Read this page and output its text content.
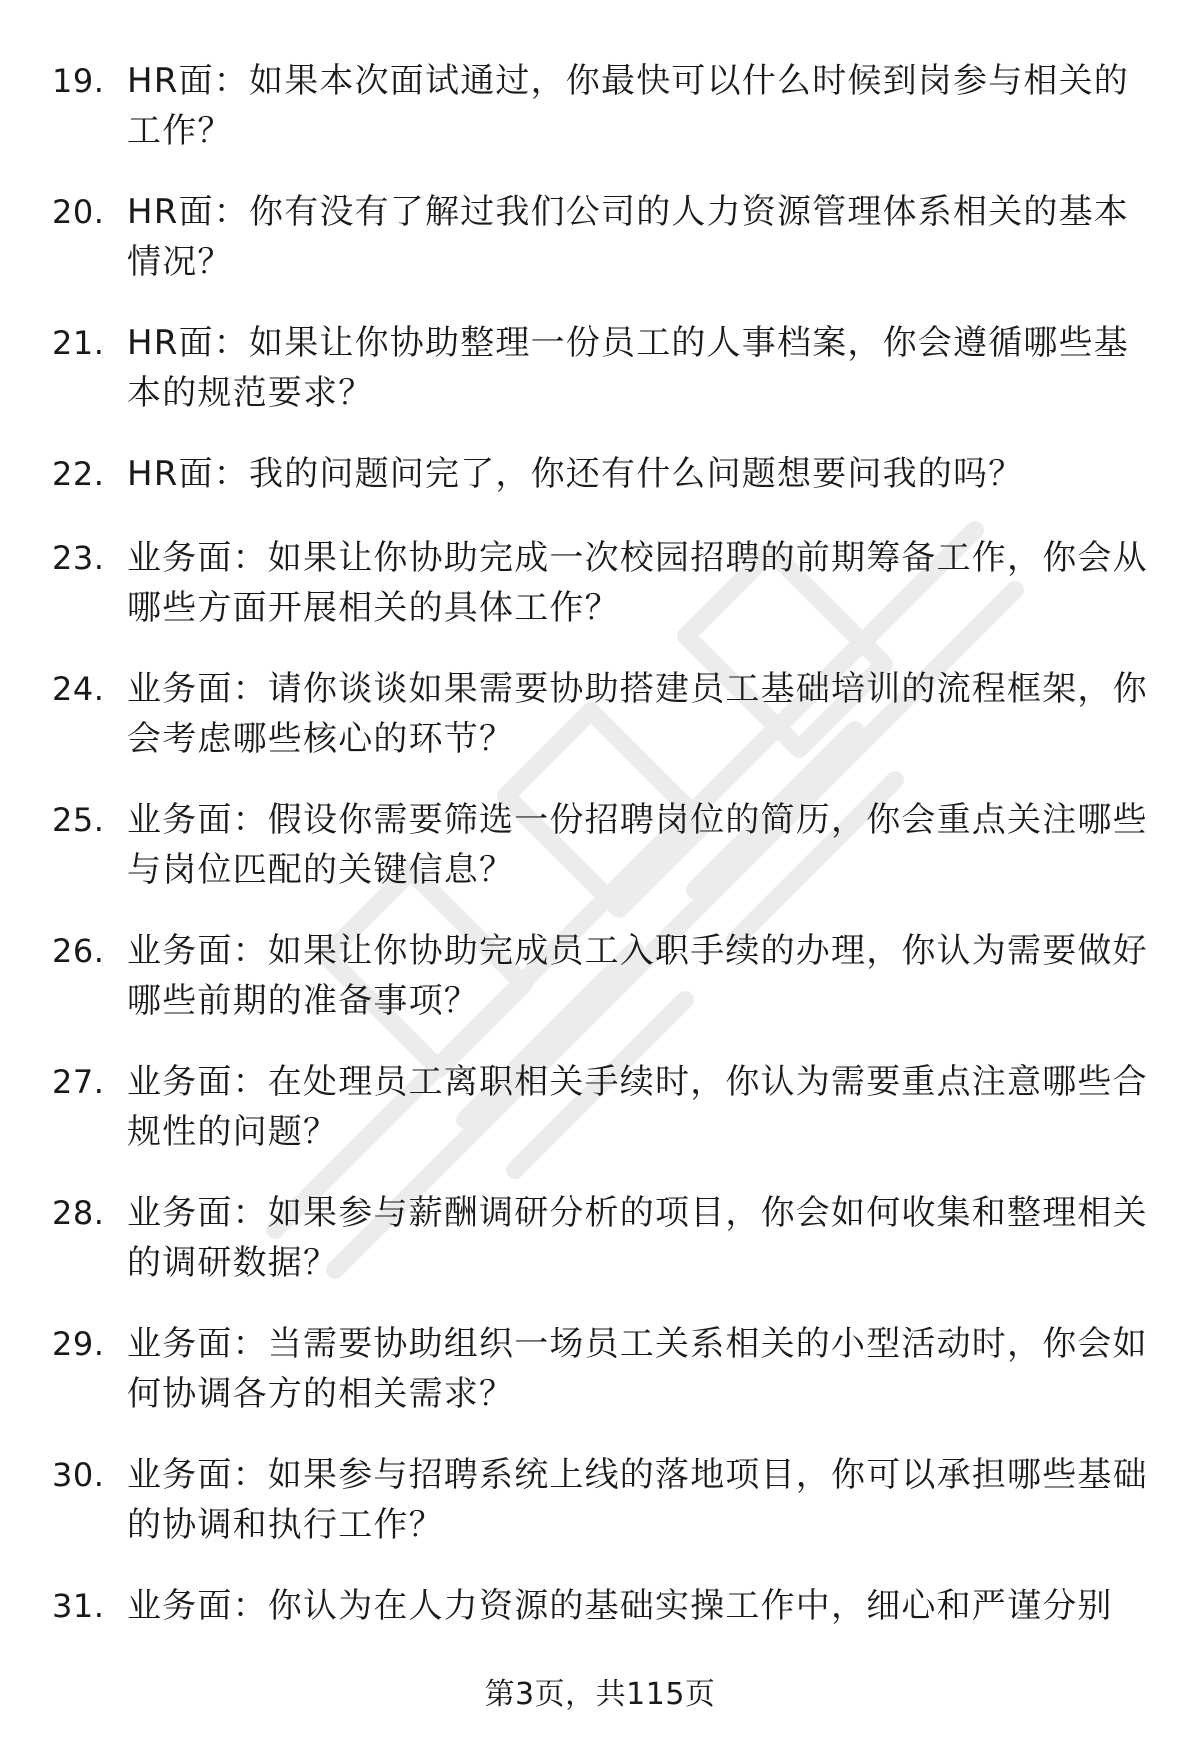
19. HR面：如果本次面试通过，你最快可以什么时候到岗参与相关的工作？
20. HR面：你有没有了解过我们公司的人力资源管理体系相关的基本情况？
21. HR面：如果让你协助整理一份员工的人事档案，你会遵循哪些基本的规范要求？
22. HR面：我的问题问完了，你还有什么问题想要问我的吗？
23. 业务面：如果让你协助完成一次校园招聘的前期筹备工作，你会从哪些方面开展相关的具体工作？
24. 业务面：请你谈谈如果需要协助搭建员工基础培训的流程框架，你会考虑哪些核心的环节？
25. 业务面：假设你需要筛选一份招聘岗位的简历，你会重点关注哪些与岗位匹配的关键信息？
26. 业务面：如果让你协助完成员工入职手续的办理，你认为需要做好哪些前期的准备事项？
27. 业务面：在处理员工离职相关手续时，你认为需要重点注意哪些合规性的问题？
28. 业务面：如果参与薪酬调研分析的项目，你会如何收集和整理相关的调研数据？
29. 业务面：当需要协助组织一场员工关系相关的小型活动时，你会如何协调各方的相关需求？
30. 业务面：如果参与招聘系统上线的落地项目，你可以承担哪些基础的协调和执行工作？
31. 业务面：你认为在人力资源的基础实操工作中，细心和严谨分别
第3页，共115页
